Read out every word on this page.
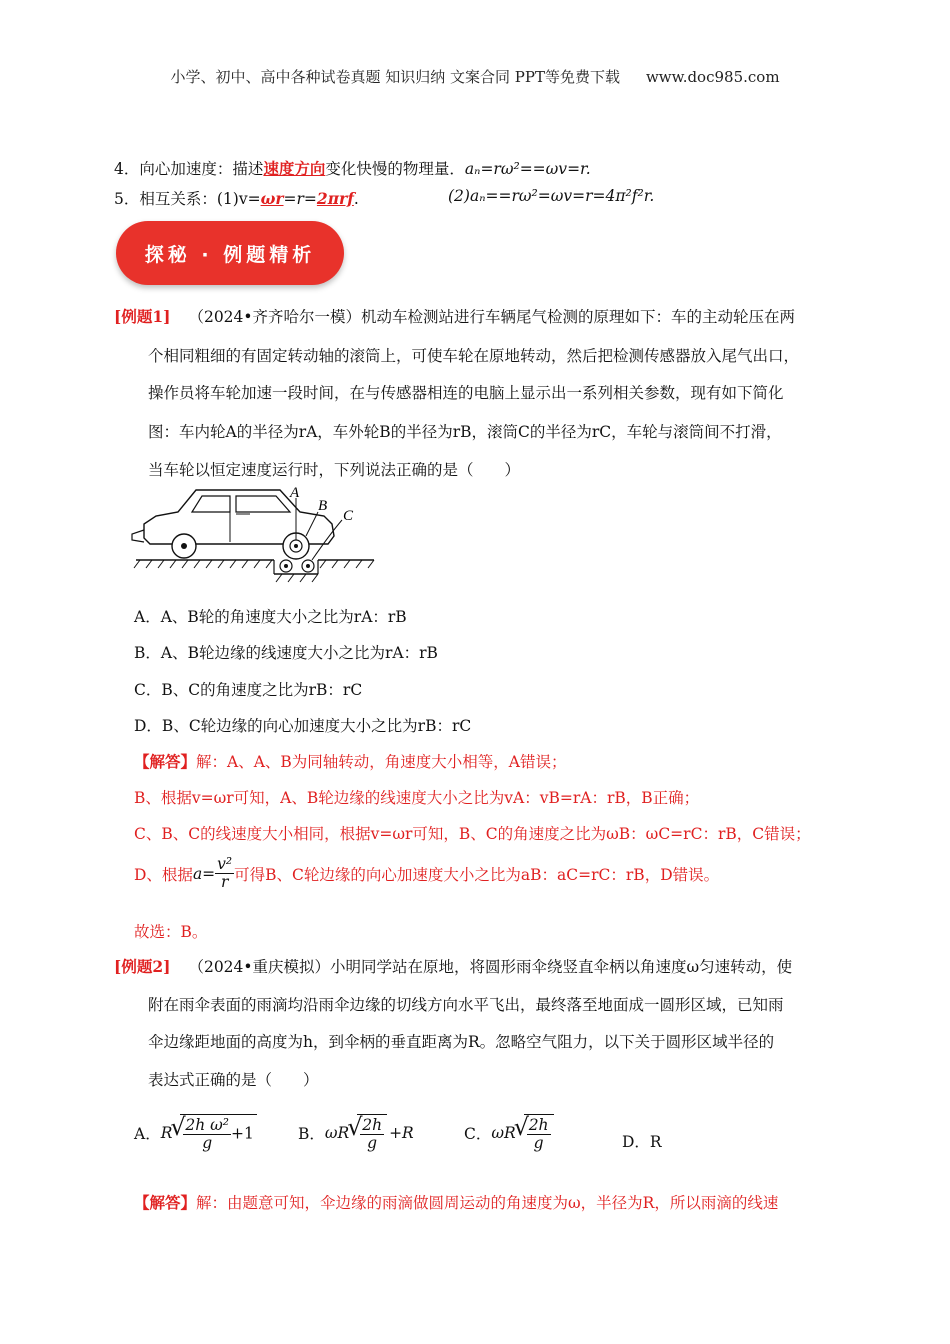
小学、初中、高中各种试卷真题 知识归纳 文案合同 PPT等免费下载 www.doc985.com
4．向心加速度：描述速度方向变化快慢的物理量．aₙ=rω²==ωv=r.
5．相互关系：(1)v=ωr=r=2πrf.	(2)aₙ==rω²=ωv=r=4π²f²r.
探秘 · 例题精析
[例题1] （2024•齐齐哈尔一模）机动车检测站进行车辆尾气检测的原理如下：车的主动轮压在两
个相同粗细的有固定转动轴的滚筒上，可使车轮在原地转动，然后把检测传感器放入尾气出口，
操作员将车轮加速一段时间，在与传感器相连的电脑上显示出一系列相关参数，现有如下简化
图：车内轮A的半径为rA，车外轮B的半径为rB，滚筒C的半径为rC，车轮与滚筒间不打滑，
当车轮以恒定速度运行时，下列说法正确的是（　　）
A
B
C
A．A、B轮的角速度大小之比为rA：rB
B．A、B轮边缘的线速度大小之比为rA：rB
C．B、C的角速度之比为rB：rC
D．B、C轮边缘的向心加速度大小之比为rB：rC
【解答】解：A、A、B为同轴转动，角速度大小相等，A错误；
B、根据v=ωr可知，A、B轮边缘的线速度大小之比为vA：vB=rA：rB，B正确；
C、B、C的线速度大小相同，根据v=ωr可知，B、C的角速度之比为ωB：ωC=rC：rB，C错误；
D、根据 $a= \frac{\text{v²}}{r}$ 可得B、C轮边缘的向心加速度大小之比为aB：aC=rC：rB，D错误。
故选：B。
[例题2] （2024•重庆模拟）小明同学站在原地，将圆形雨伞绕竖直伞柄以角速度ω匀速转动，使
附在雨伞表面的雨滴均沿雨伞边缘的切线方向水平飞出，最终落至地面成一圆形区域，已知雨
伞边缘距地面的高度为h，到伞柄的垂直距离为R。忽略空气阻力，以下关于圆形区域半径的
表达式正确的是（　　）
A． R √ $\frac{\text{2h ω²}}{g} +1$	B． ωR √ $\frac{2h}{g} +R$	C． ωR √ $\frac{2h}{g}$	D．R
【解答】解：由题意可知，伞边缘的雨滴做圆周运动的角速度为ω，半径为R，所以雨滴的线速
